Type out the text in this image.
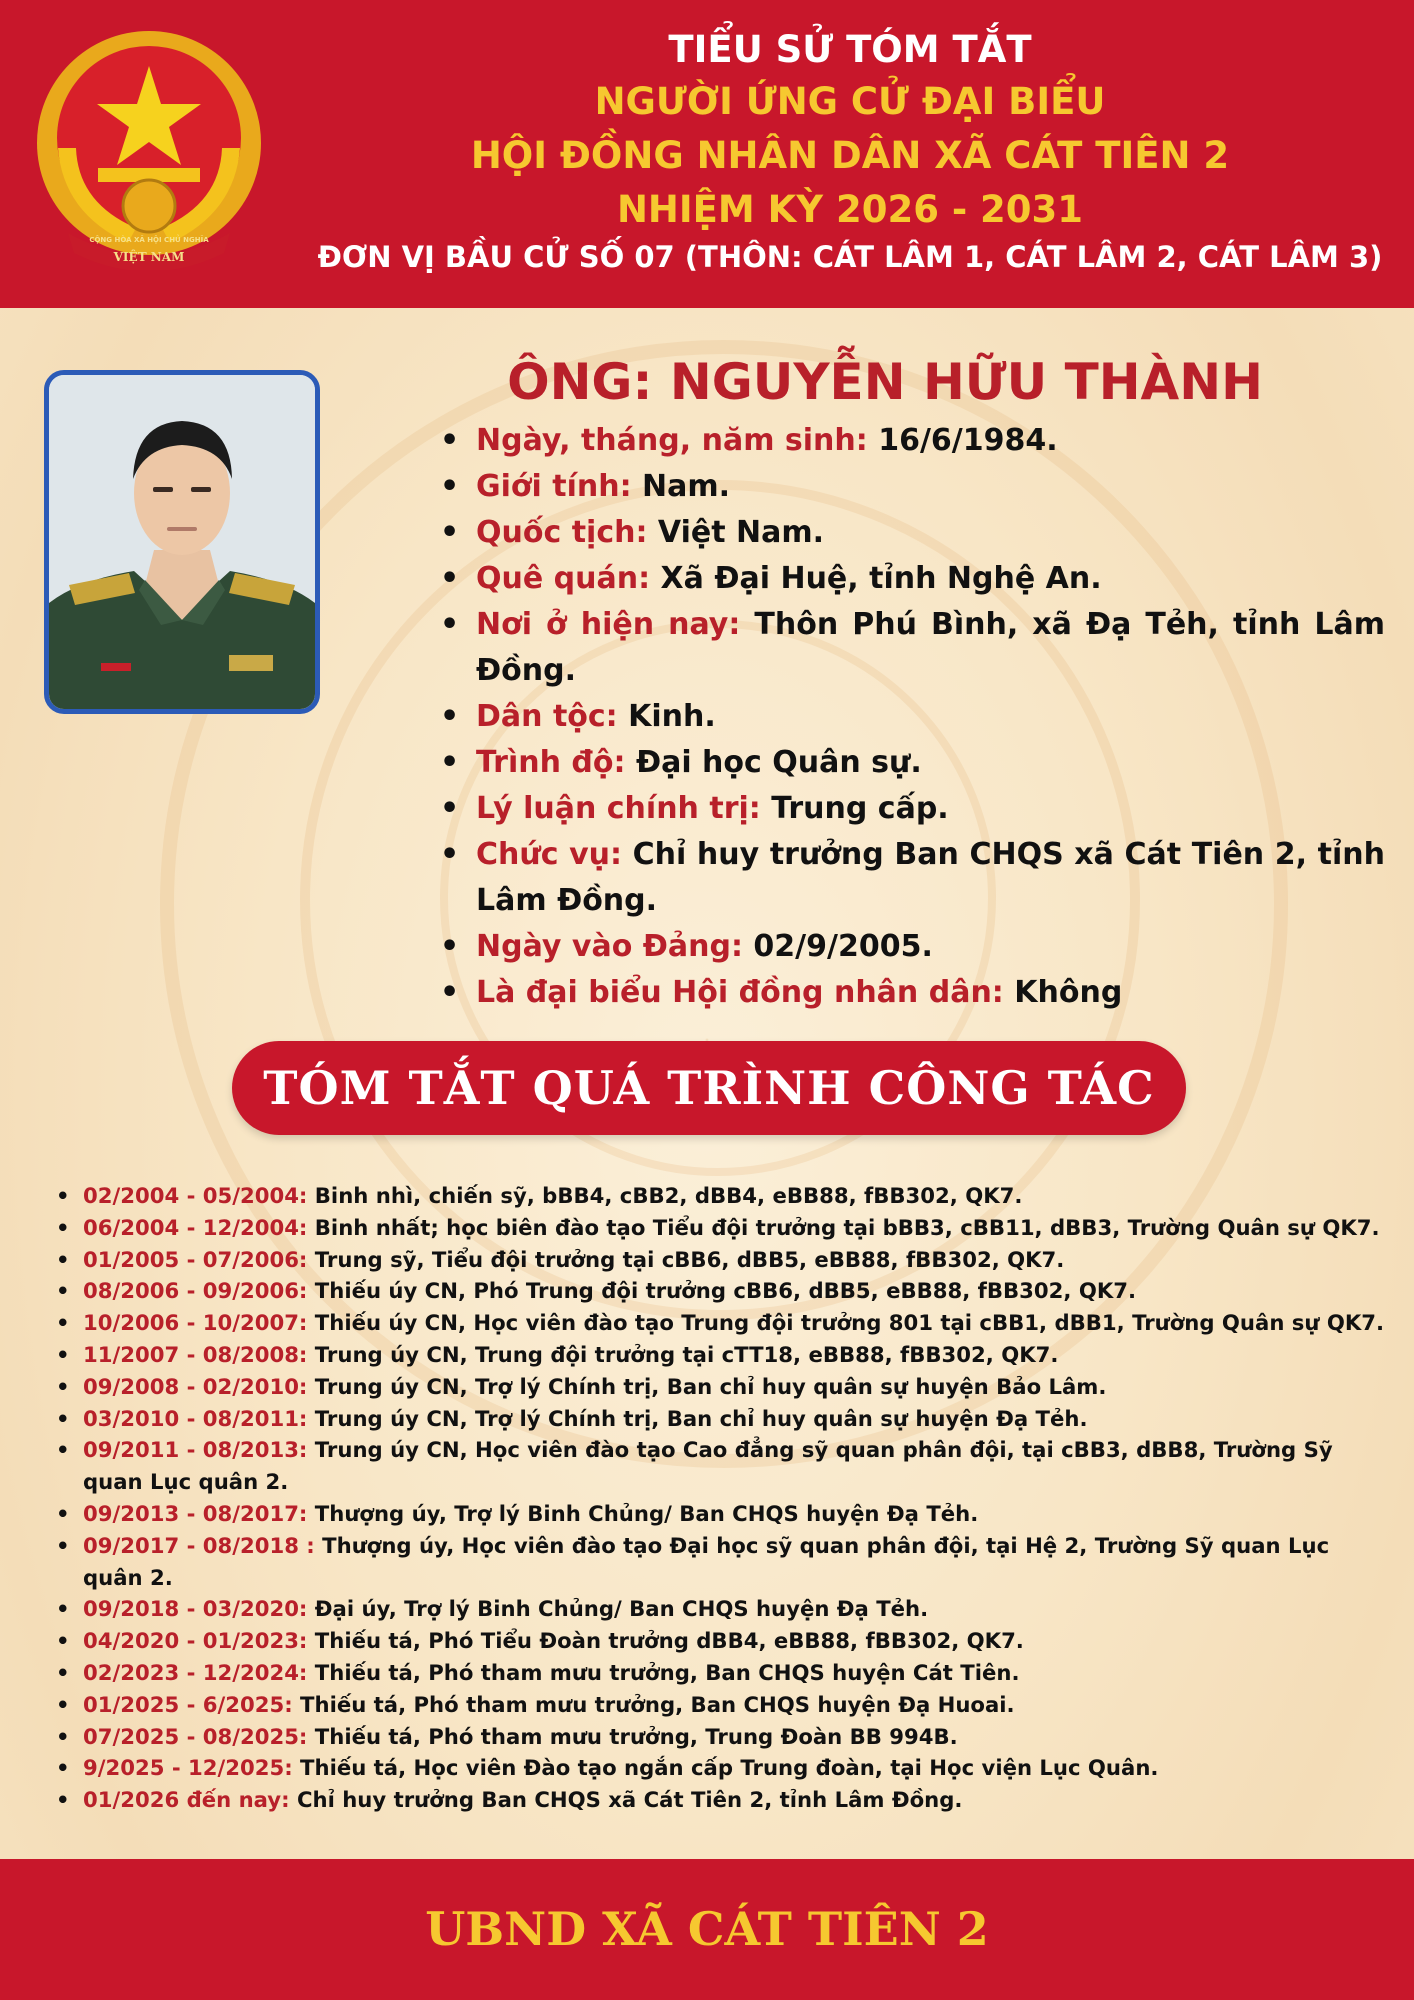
CỘNG HÒA XÃ HỘI CHỦ NGHĨA
VIỆT NAM
TIỂU SỬ TÓM TẮT
NGƯỜI ỨNG CỬ ĐẠI BIỂU
HỘI ĐỒNG NHÂN DÂN XÃ CÁT TIÊN 2
NHIỆM KỲ 2026 - 2031
ĐƠN VỊ BẦU CỬ SỐ 07 (THÔN: CÁT LÂM 1, CÁT LÂM 2, CÁT LÂM 3)
ÔNG: NGUYỄN HỮU THÀNH
• Ngày, tháng, năm sinh: 16/6/1984.
• Giới tính: Nam.
• Quốc tịch: Việt Nam.
• Quê quán: Xã Đại Huệ, tỉnh Nghệ An.
• Nơi ở hiện nay: Thôn Phú Bình, xã Đạ Tẻh, tỉnh Lâm Đồng.
• Dân tộc: Kinh.
• Trình độ: Đại học Quân sự.
• Lý luận chính trị: Trung cấp.
• Chức vụ: Chỉ huy trưởng Ban CHQS xã Cát Tiên 2, tỉnh Lâm Đồng.
• Ngày vào Đảng: 02/9/2005.
• Là đại biểu Hội đồng nhân dân: Không
TÓM TẮT QUÁ TRÌNH CÔNG TÁC
• 02/2004 - 05/2004: Binh nhì, chiến sỹ, bBB4, cBB2, dBB4, eBB88, fBB302, QK7.
• 06/2004 - 12/2004: Binh nhất; học biên đào tạo Tiểu đội trưởng tại bBB3, cBB11, dBB3, Trường Quân sự QK7.
• 01/2005 - 07/2006: Trung sỹ, Tiểu đội trưởng tại cBB6, dBB5, eBB88, fBB302, QK7.
• 08/2006 - 09/2006: Thiếu úy CN, Phó Trung đội trưởng cBB6, dBB5, eBB88, fBB302, QK7.
• 10/2006 - 10/2007: Thiếu úy CN, Học viên đào tạo Trung đội trưởng 801 tại cBB1, dBB1, Trường Quân sự QK7.
• 11/2007 - 08/2008: Trung úy CN, Trung đội trưởng tại cTT18, eBB88, fBB302, QK7.
• 09/2008 - 02/2010: Trung úy CN, Trợ lý Chính trị, Ban chỉ huy quân sự huyện Bảo Lâm.
• 03/2010 - 08/2011: Trung úy CN, Trợ lý Chính trị, Ban chỉ huy quân sự huyện Đạ Tẻh.
• 09/2011 - 08/2013: Trung úy CN, Học viên đào tạo Cao đẳng sỹ quan phân đội, tại cBB3, dBB8, Trường Sỹ quan Lục quân 2.
• 09/2013 - 08/2017: Thượng úy, Trợ lý Binh Chủng/ Ban CHQS huyện Đạ Tẻh.
• 09/2017 - 08/2018 : Thượng úy, Học viên đào tạo Đại học sỹ quan phân đội, tại Hệ 2, Trường Sỹ quan Lục quân 2.
• 09/2018 - 03/2020: Đại úy, Trợ lý Binh Chủng/ Ban CHQS huyện Đạ Tẻh.
• 04/2020 - 01/2023: Thiếu tá, Phó Tiểu Đoàn trưởng dBB4, eBB88, fBB302, QK7.
• 02/2023 - 12/2024: Thiếu tá, Phó tham mưu trưởng, Ban CHQS huyện Cát Tiên.
• 01/2025 - 6/2025: Thiếu tá, Phó tham mưu trưởng, Ban CHQS huyện Đạ Huoai.
• 07/2025 - 08/2025: Thiếu tá, Phó tham mưu trưởng, Trung Đoàn BB 994B.
• 9/2025 - 12/2025: Thiếu tá, Học viên Đào tạo ngắn cấp Trung đoàn, tại Học viện Lục Quân.
• 01/2026 đến nay: Chỉ huy trưởng Ban CHQS xã Cát Tiên 2, tỉnh Lâm Đồng.
UBND XÃ CÁT TIÊN 2
